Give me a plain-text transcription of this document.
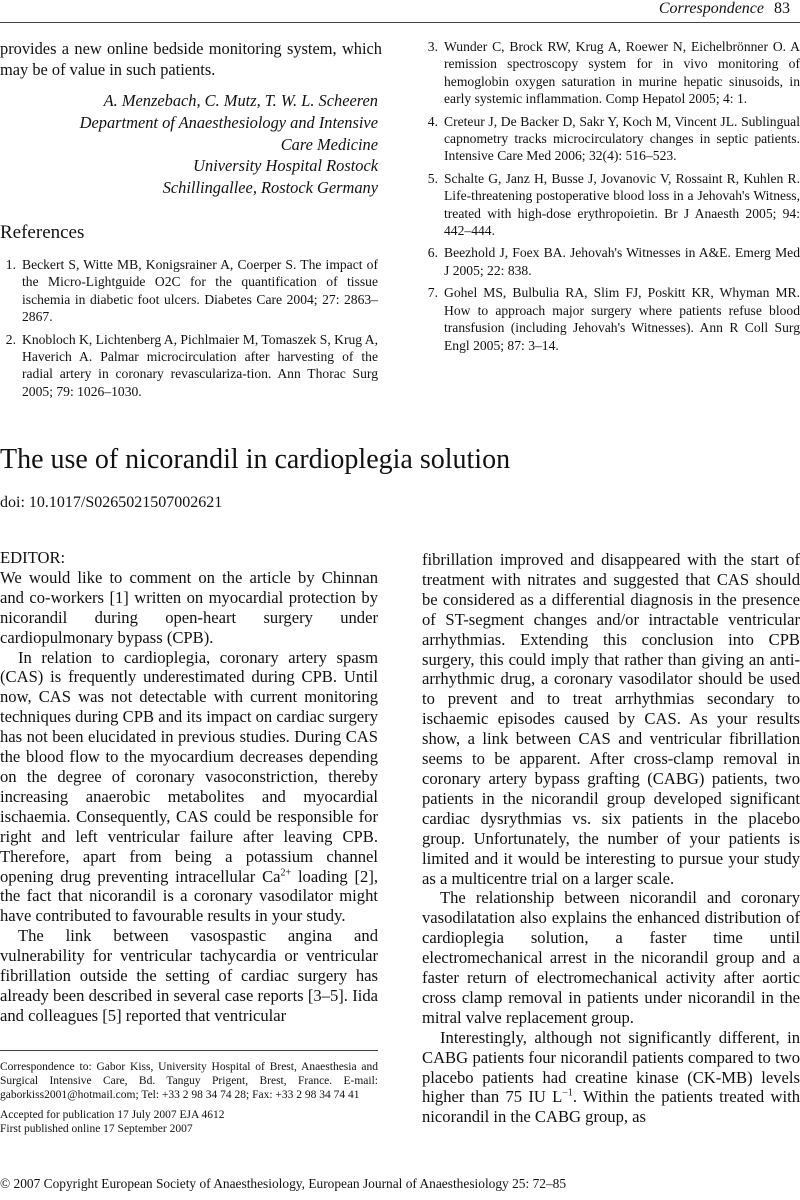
Correspondence 83
provides a new online bedside monitoring system, which may be of value in such patients.
A. Menzebach, C. Mutz, T. W. L. Scheeren
Department of Anaesthesiology and Intensive
Care Medicine
University Hospital Rostock
Schillingallee, Rostock Germany
References
1. Beckert S, Witte MB, Konigsrainer A, Coerper S. The impact of the Micro-Lightguide O2C for the quantification of tissue ischemia in diabetic foot ulcers. Diabetes Care 2004; 27: 2863–2867.
2. Knobloch K, Lichtenberg A, Pichlmaier M, Tomaszek S, Krug A, Haverich A. Palmar microcirculation after harvesting of the radial artery in coronary revasculariza-tion. Ann Thorac Surg 2005; 79: 1026–1030.
3. Wunder C, Brock RW, Krug A, Roewer N, Eichelbrönner O. A remission spectroscopy system for in vivo monitoring of hemoglobin oxygen saturation in murine hepatic sinusoids, in early systemic inflammation. Comp Hepatol 2005; 4: 1.
4. Creteur J, De Backer D, Sakr Y, Koch M, Vincent JL. Sublingual capnometry tracks microcirculatory changes in septic patients. Intensive Care Med 2006; 32(4): 516–523.
5. Schalte G, Janz H, Busse J, Jovanovic V, Rossaint R, Kuhlen R. Life-threatening postoperative blood loss in a Jehovah's Witness, treated with high-dose erythropoietin. Br J Anaesth 2005; 94: 442–444.
6. Beezhold J, Foex BA. Jehovah's Witnesses in A&E. Emerg Med J 2005; 22: 838.
7. Gohel MS, Bulbulia RA, Slim FJ, Poskitt KR, Whyman MR. How to approach major surgery where patients refuse blood transfusion (including Jehovah's Witnesses). Ann R Coll Surg Engl 2005; 87: 3–14.
The use of nicorandil in cardioplegia solution
doi: 10.1017/S0265021507002621

EDITOR:

We would like to comment on the article by Chinnan and co-workers [1] written on myocardial protection by nicorandil during open-heart surgery under cardiopulmonary bypass (CPB).

In relation to cardioplegia, coronary artery spasm (CAS) is frequently underestimated during CPB. Until now, CAS was not detectable with current monitoring techniques during CPB and its impact on cardiac surgery has not been elucidated in previous studies. During CAS the blood flow to the myocardium decreases depending on the degree of coronary vasoconstriction, thereby increasing anaerobic metabolites and myocardial ischaemia. Consequently, CAS could be responsible for right and left ventricular failure after leaving CPB. Therefore, apart from being a potassium channel opening drug preventing intracellular $Ca^{2+}$ loading [2], the fact that nicorandil is a coronary vasodilator might have contributed to favourable results in your study.

The link between vasospastic angina and vulnerability for ventricular tachycardia or ventricular fibrillation outside the setting of cardiac surgery has already been described in several case reports [3–5]. Iida and colleagues [5] reported that ventricular

fibrillation improved and disappeared with the start of treatment with nitrates and suggested that CAS should be considered as a differential diagnosis in the presence of ST-segment changes and/or intractable ventricular arrhythmias. Extending this conclusion into CPB surgery, this could imply that rather than giving an anti-arrhythmic drug, a coronary vasodilator should be used to prevent and to treat arrhythmias secondary to ischaemic episodes caused by CAS. As your results show, a link between CAS and ventricular fibrillation seems to be apparent. After cross-clamp removal in coronary artery bypass grafting (CABG) patients, two patients in the nicorandil group developed significant cardiac dysrythmias vs. six patients in the placebo group. Unfortunately, the number of your patients is limited and it would be interesting to pursue your study as a multicentre trial on a larger scale.

The relationship between nicorandil and coronary vasodilatation also explains the enhanced distribution of cardioplegia solution, a faster time until electromechanical arrest in the nicorandil group and a faster return of electromechanical activity after aortic cross clamp removal in patients under nicorandil in the mitral valve replacement group.

Interestingly, although not significantly different, in CABG patients four nicorandil patients compared to two placebo patients had creatine kinase (CK-MB) levels higher than 75 IU $L^{-1}$. Within the patients treated with nicorandil in the CABG group, as

Correspondence to: Gabor Kiss, University Hospital of Brest, Anaesthesia and Surgical Intensive Care, Bd. Tanguy Prigent, Brest, France. E-mail: gaborkiss2001@hotmail.com; Tel: +33 2 98 34 74 28; Fax: +33 2 98 34 74 41
Accepted for publication 17 July 2007 EJA 4612
First published online 17 September 2007
© 2007 Copyright European Society of Anaesthesiology, European Journal of Anaesthesiology 25: 72–85
